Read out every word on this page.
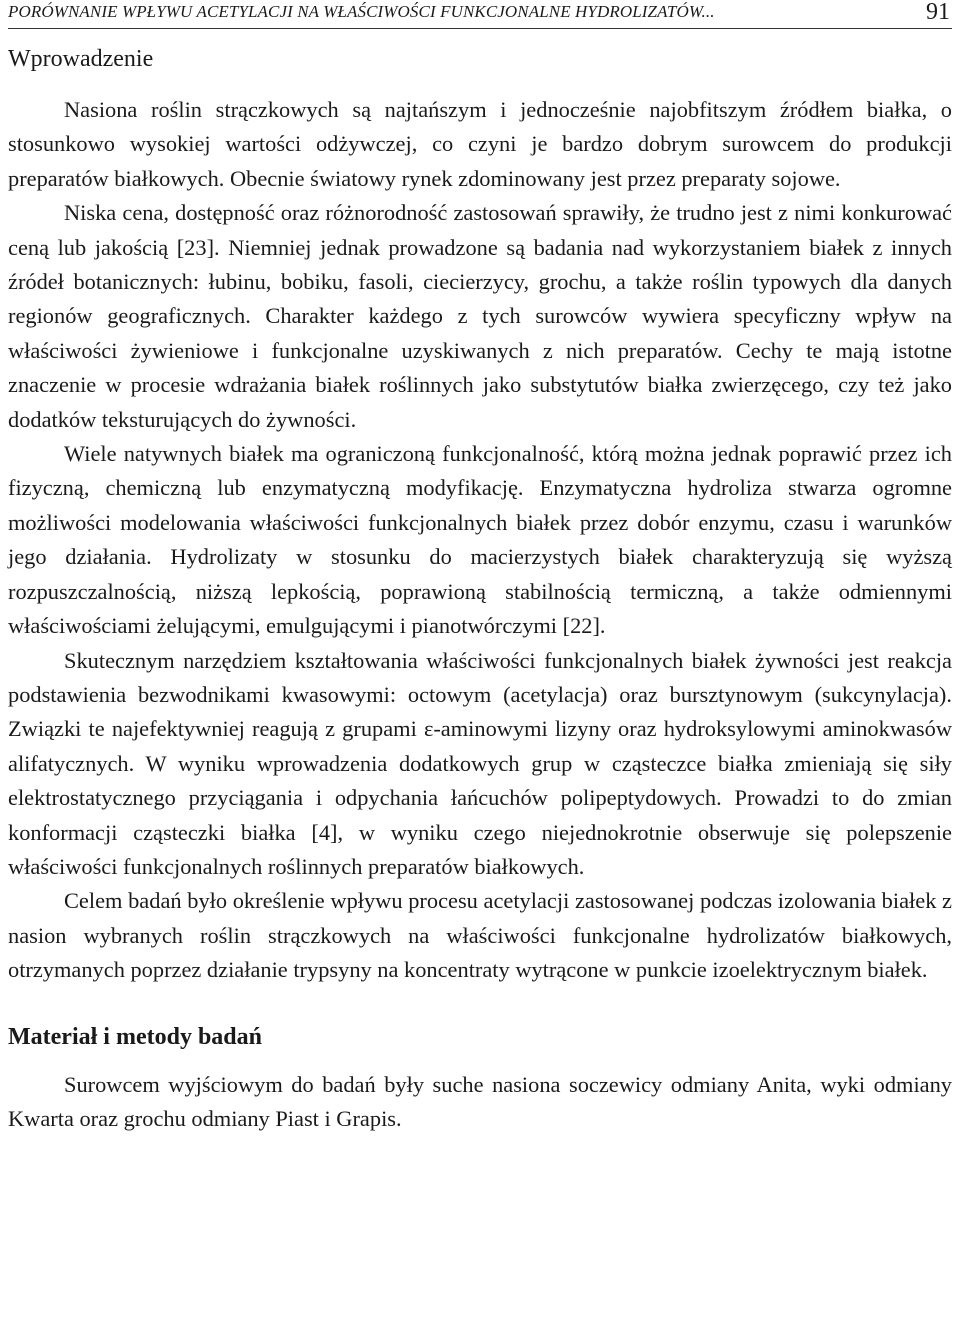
PORÓWNANIE WPŁYWU ACETYLACJI NA WŁAŚCIWOŚCI FUNKCJONALNE HYDROLIZATÓW...	91
Wprowadzenie

Nasiona roślin strączkowych są najtańszym i jednocześnie najobfitszym źródłem białka, o stosunkowo wysokiej wartości odżywczej, co czyni je bardzo dobrym surowcem do produkcji preparatów białkowych. Obecnie światowy rynek zdominowany jest przez preparaty sojowe.

Niska cena, dostępność oraz różnorodność zastosowań sprawiły, że trudno jest z nimi konkurować ceną lub jakością [23]. Niemniej jednak prowadzone są badania nad wykorzystaniem białek z innych źródeł botanicznych: łubinu, bobiku, fasoli, ciecierzycy, grochu, a także roślin typowych dla danych regionów geograficznych. Charakter każdego z tych surowców wywiera specyficzny wpływ na właściwości żywieniowe i funkcjonalne uzyskiwanych z nich preparatów. Cechy te mają istotne znaczenie w procesie wdrażania białek roślinnych jako substytutów białka zwierzęcego, czy też jako dodatków teksturujących do żywności.

Wiele natywnych białek ma ograniczoną funkcjonalność, którą można jednak poprawić przez ich fizyczną, chemiczną lub enzymatyczną modyfikację. Enzymatyczna hydroliza stwarza ogromne możliwości modelowania właściwości funkcjonalnych białek przez dobór enzymu, czasu i warunków jego działania. Hydrolizaty w stosunku do macierzystych białek charakteryzują się wyższą rozpuszczalnością, niższą lepkością, poprawioną stabilnością termiczną, a także odmiennymi właściwościami żelującymi, emulgującymi i pianotwórczymi [22].

Skutecznym narzędziem kształtowania właściwości funkcjonalnych białek żywności jest reakcja podstawienia bezwodnikami kwasowymi: octowym (acetylacja) oraz bursztynowym (sukcynylacja). Związki te najefektywniej reagują z grupami ε-aminowymi lizyny oraz hydroksylowymi aminokwasów alifatycznych. W wyniku wprowadzenia dodatkowych grup w cząsteczce białka zmieniają się siły elektrostatycznego przyciągania i odpychania łańcuchów polipeptydowych. Prowadzi to do zmian konformacji cząsteczki białka [4], w wyniku czego niejednokrotnie obserwuje się polepszenie właściwości funkcjonalnych roślinnych preparatów białkowych.

Celem badań było określenie wpływu procesu acetylacji zastosowanej podczas izolowania białek z nasion wybranych roślin strączkowych na właściwości funkcjonalne hydrolizatów białkowych, otrzymanych poprzez działanie trypsyny na koncentraty wytrącone w punkcie izoelektrycznym białek.

Materiał i metody badań

Surowcem wyjściowym do badań były suche nasiona soczewicy odmiany Anita, wyki odmiany Kwarta oraz grochu odmiany Piast i Grapis.
